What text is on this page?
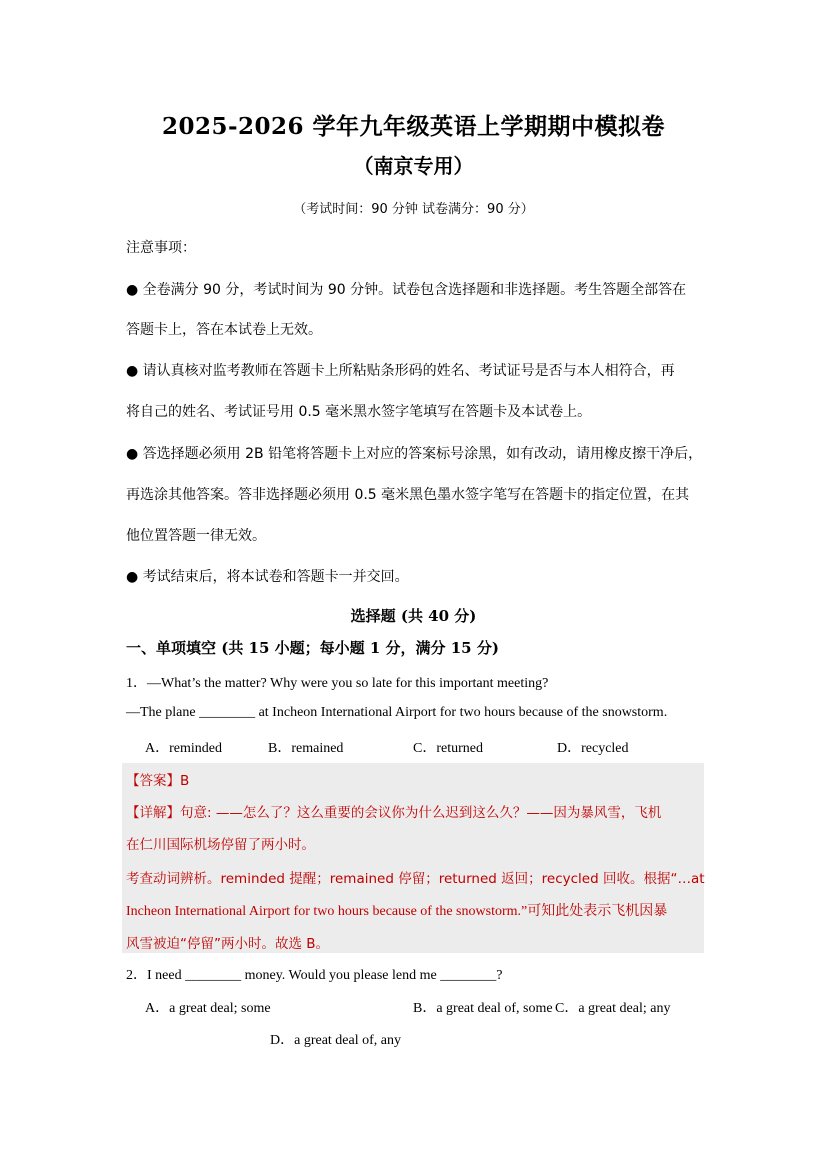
2025-2026 学年九年级英语上学期期中模拟卷
（南京专用）
（考试时间：90 分钟 试卷满分：90 分）
注意事项：
● 全卷满分 90 分，考试时间为 90 分钟。试卷包含选择题和非选择题。考生答题全部答在
答题卡上，答在本试卷上无效。
● 请认真核对监考教师在答题卡上所粘贴条形码的姓名、考试证号是否与本人相符合，再
将自己的姓名、考试证号用 0.5 毫米黑水签字笔填写在答题卡及本试卷上。
● 答选择题必须用 2B 铅笔将答题卡上对应的答案标号涂黑，如有改动，请用橡皮擦干净后，
再选涂其他答案。答非选择题必须用 0.5 毫米黑色墨水签字笔写在答题卡的指定位置，在其
他位置答题一律无效。
● 考试结束后，将本试卷和答题卡一并交回。
选择题 (共 40 分)
一、单项填空 (共 15 小题；每小题 1 分，满分 15 分)
1．—What’s the matter? Why were you so late for this important meeting?
—The plane ________ at Incheon International Airport for two hours because of the snowstorm.
A．reminded	B．remained	C．returned	D．recycled
【答案】B
【详解】句意: ——怎么了？这么重要的会议你为什么迟到这么久？——因为暴风雪，飞机
在仁川国际机场停留了两小时。
考查动词辨析。reminded 提醒；remained 停留；returned 返回；recycled 回收。根据“…at
Incheon International Airport for two hours because of the snowstorm.”可知此处表示飞机因暴
风雪被迫“停留”两小时。故选 B。
2．I need ________ money. Would you please lend me ________?
A．a great deal; some	B．a great deal of, some C．a great deal; any
D．a great deal of, any
